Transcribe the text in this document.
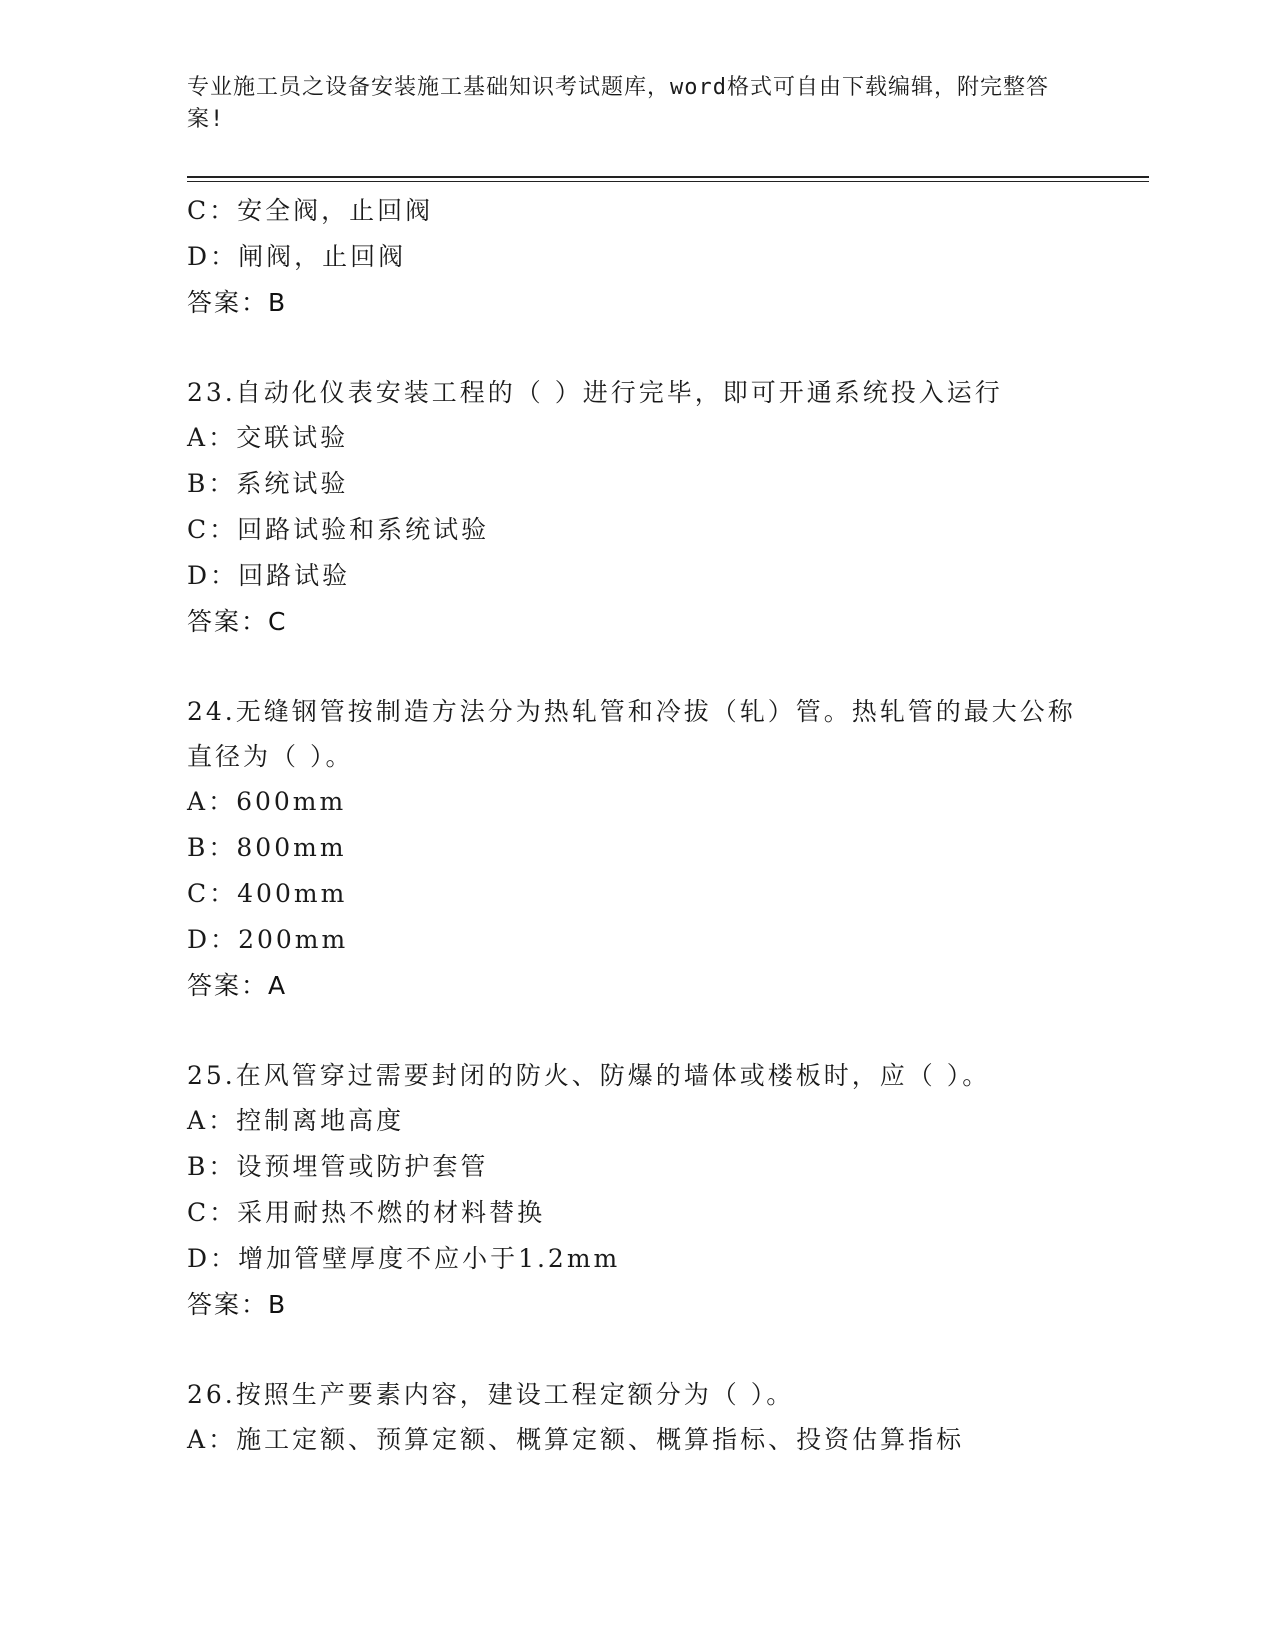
专业施工员之设备安装施工基础知识考试题库，word格式可自由下载编辑，附完整答案!
C：安全阀，止回阀
D：闸阀，止回阀
答案：B
23.自动化仪表安装工程的（ ）进行完毕，即可开通系统投入运行
A：交联试验
B：系统试验
C：回路试验和系统试验
D：回路试验
答案：C
24.无缝钢管按制造方法分为热轧管和冷拔（轧）管。热轧管的最大公称直径为（ ）。
A：600mm
B：800mm
C：400mm
D：200mm
答案：A
25.在风管穿过需要封闭的防火、防爆的墙体或楼板时，应（ ）。
A：控制离地高度
B：设预埋管或防护套管
C：采用耐热不燃的材料替换
D：增加管壁厚度不应小于1.2mm
答案：B
26.按照生产要素内容，建设工程定额分为（ ）。
A：施工定额、预算定额、概算定额、概算指标、投资估算指标
